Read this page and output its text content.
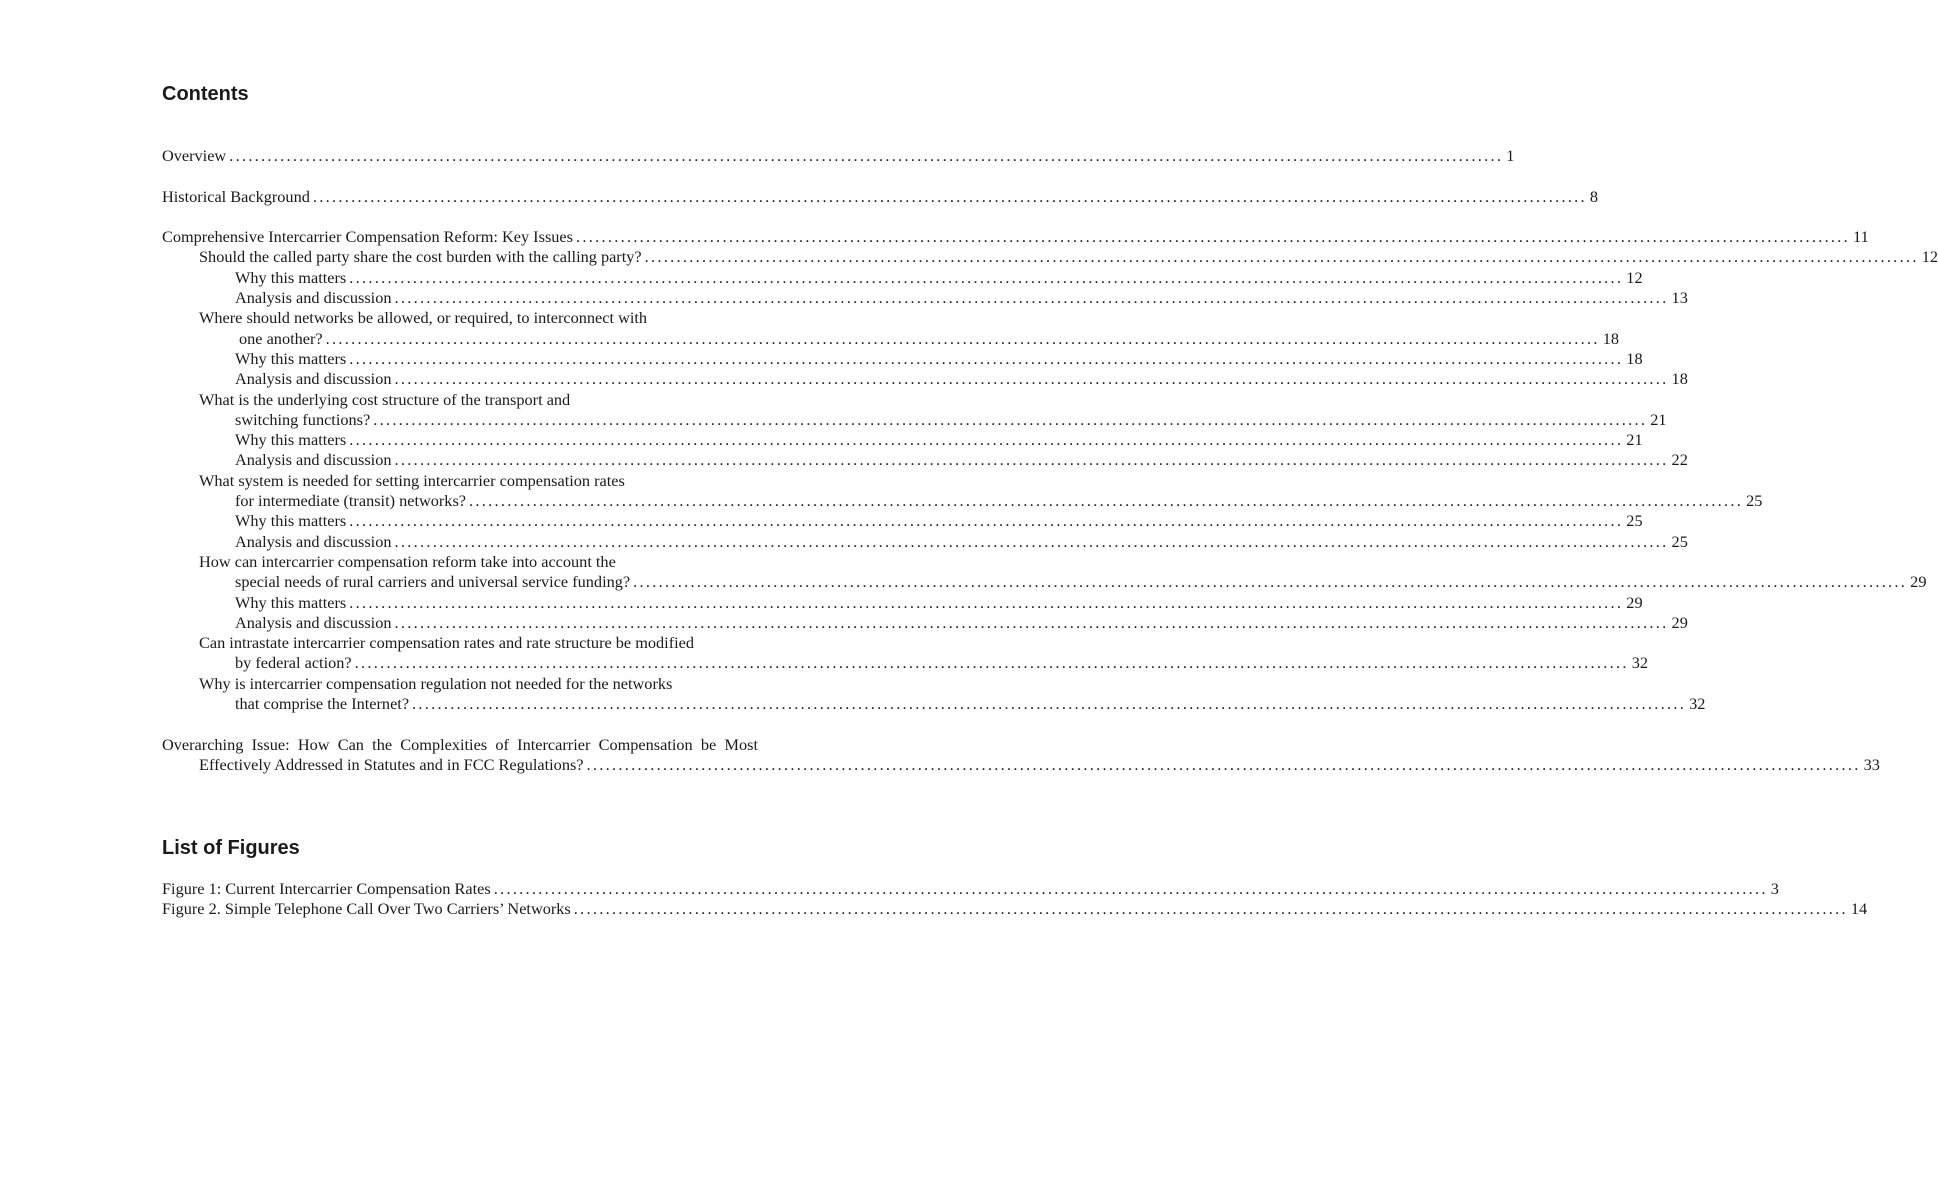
Contents
Overview ........................................................................................................................................................................................................ 1
Historical Background ........................................................................................................................................................................................................ 8
Comprehensive Intercarrier Compensation Reform: Key Issues ........................................................................................................................................................................................................ 11
Should the called party share the cost burden with the calling party? ........................................................................................................................................................................................................ 12
Why this matters ........................................................................................................................................................................................................ 12
Analysis and discussion ........................................................................................................................................................................................................ 13
Where should networks be allowed, or required, to interconnect with
one another? ........................................................................................................................................................................................................ 18
Why this matters ........................................................................................................................................................................................................ 18
Analysis and discussion ........................................................................................................................................................................................................ 18
What is the underlying cost structure of the transport and
switching functions? ........................................................................................................................................................................................................ 21
Why this matters ........................................................................................................................................................................................................ 21
Analysis and discussion ........................................................................................................................................................................................................ 22
What system is needed for setting intercarrier compensation rates
for intermediate (transit) networks? ........................................................................................................................................................................................................ 25
Why this matters ........................................................................................................................................................................................................ 25
Analysis and discussion ........................................................................................................................................................................................................ 25
How can intercarrier compensation reform take into account the
special needs of rural carriers and universal service funding? ........................................................................................................................................................................................................ 29
Why this matters ........................................................................................................................................................................................................ 29
Analysis and discussion ........................................................................................................................................................................................................ 29
Can intrastate intercarrier compensation rates and rate structure be modified
by federal action? ........................................................................................................................................................................................................ 32
Why is intercarrier compensation regulation not needed for the networks
that comprise the Internet? ........................................................................................................................................................................................................ 32
Overarching Issue: How Can the Complexities of Intercarrier Compensation be Most
Effectively Addressed in Statutes and in FCC Regulations? ........................................................................................................................................................................................................ 33
List of Figures
Figure 1: Current Intercarrier Compensation Rates ........................................................................................................................................................................................................ 3
Figure 2. Simple Telephone Call Over Two Carriers’ Networks ........................................................................................................................................................................................................ 14
